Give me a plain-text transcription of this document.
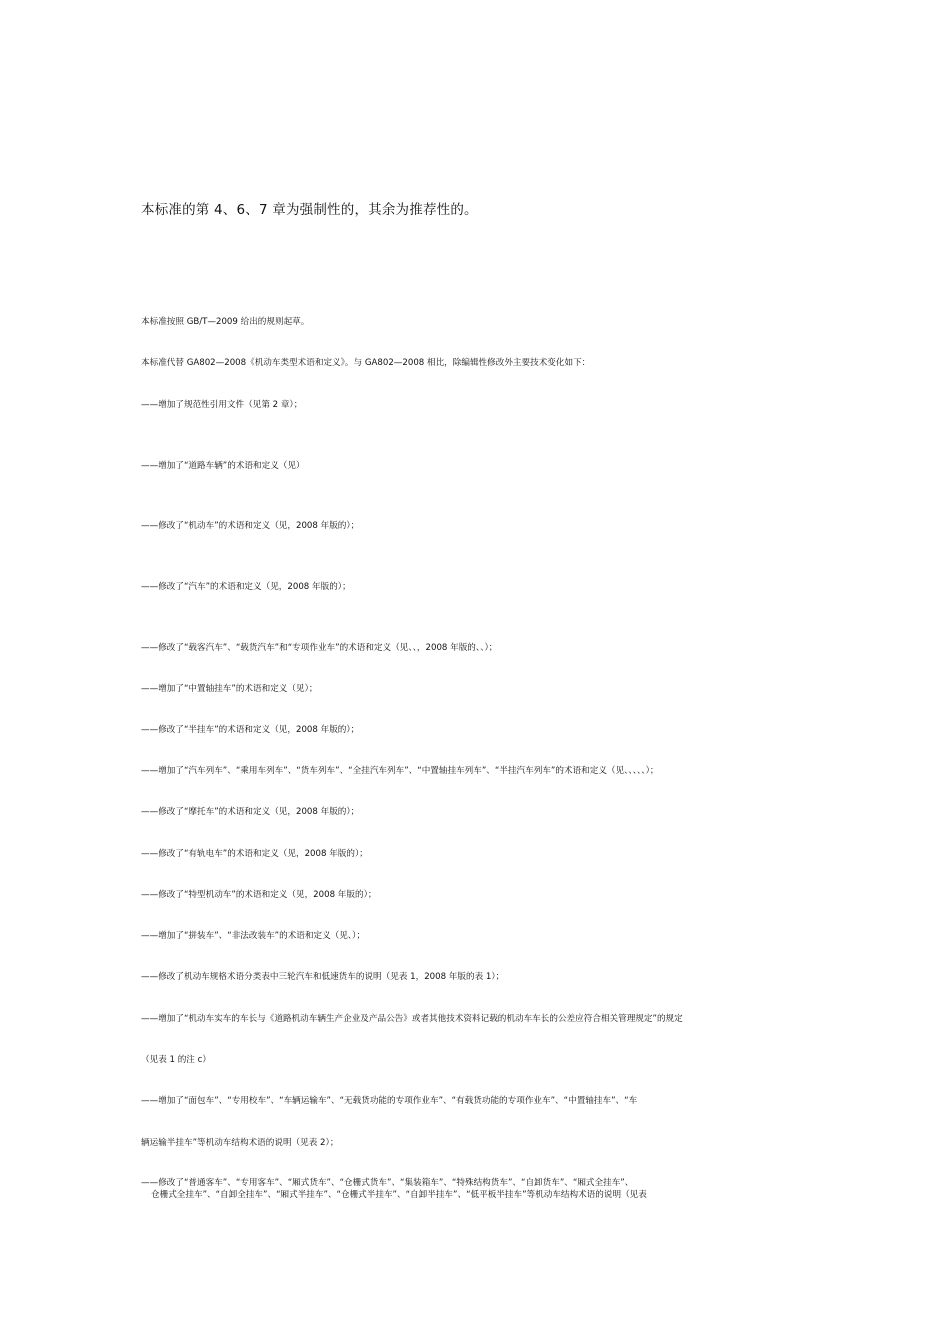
本标准的第 4、6、7 章为强制性的，其余为推荐性的。
本标准按照 GB/T—2009 给出的规则起草。
本标准代替 GA802—2008《机动车类型术语和定义》。与 GA802—2008 相比，除编辑性修改外主要技术变化如下：
——增加了规范性引用文件（见第 2 章）；
——增加了“道路车辆”的术语和定义（见）
——修改了“机动车”的术语和定义（见，2008 年版的）；
——修改了“汽车”的术语和定义（见，2008 年版的）；
——修改了“载客汽车”、“载货汽车”和“专项作业车”的术语和定义（见、、，2008 年版的、、）；
——增加了“中置轴挂车”的术语和定义（见）；
——修改了“半挂车”的术语和定义（见，2008 年版的）；
——增加了“汽车列车”、“乘用车列车”、“货车列车”、“全挂汽车列车”、“中置轴挂车列车”、“半挂汽车列车”的术语和定义（见、、、、、）；
——修改了“摩托车”的术语和定义（见，2008 年版的）；
——修改了“有轨电车”的术语和定义（见，2008 年版的）；
——修改了“特型机动车”的术语和定义（见，2008 年版的）；
——增加了“拼装车”、“非法改装车”的术语和定义（见、）；
——修改了机动车规格术语分类表中三轮汽车和低速货车的说明（见表 1，2008 年版的表 1）；
——增加了“机动车实车的车长与《道路机动车辆生产企业及产品公告》或者其他技术资料记载的机动车车长的公差应符合相关管理规定”的规定
（见表 1 的注 c）
——增加了“面包车”、“专用校车”、“车辆运输车”、“无载货功能的专项作业车”、“有载货功能的专项作业车”、“中置轴挂车”、“车
辆运输半挂车”等机动车结构术语的说明（见表 2）；
——修改了“普通客车”、“专用客车”、“厢式货车”、“仓栅式货车”、“集装箱车”、“特殊结构货车”、“自卸货车”、“厢式全挂车”、
仓栅式全挂车”、“自卸全挂车”、“厢式半挂车”、“仓栅式半挂车”、“自卸半挂车”、“低平板半挂车”等机动车结构术语的说明（见表
